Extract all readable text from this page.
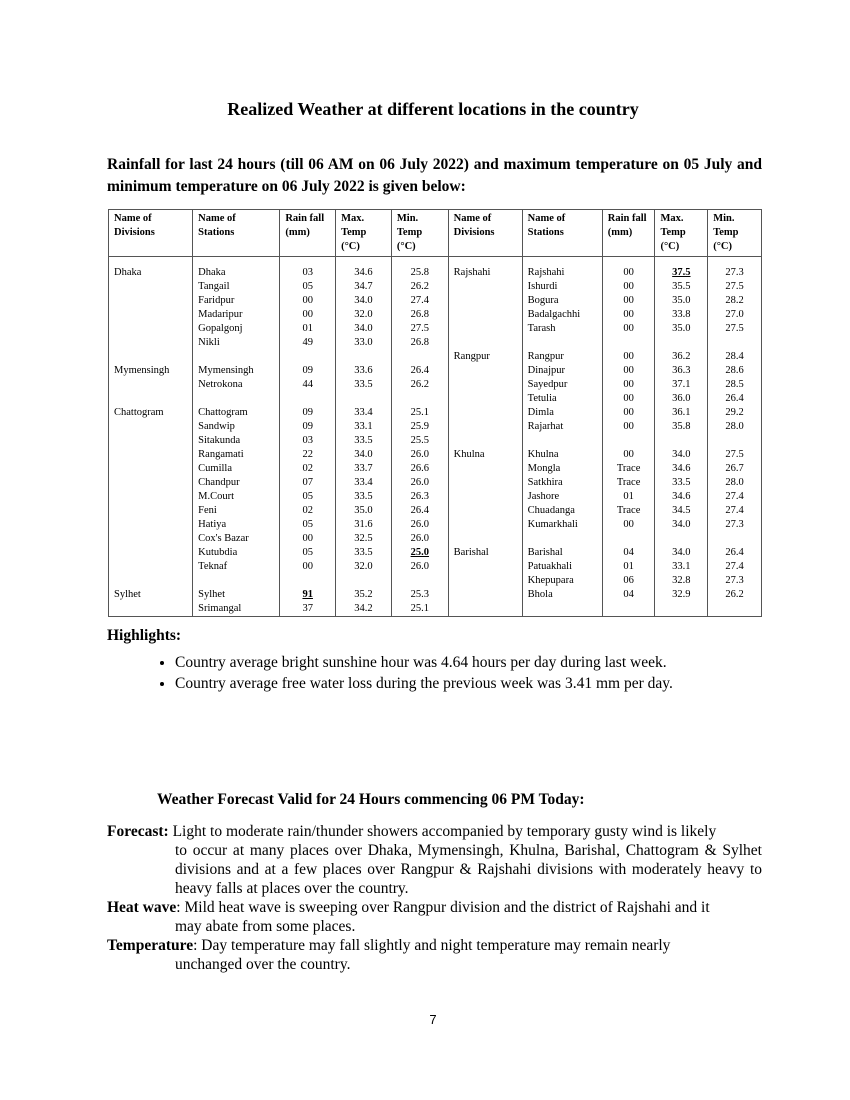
Realized Weather at different locations in the country
Rainfall for last 24 hours (till 06 AM on 06 July 2022) and maximum temperature on 05 July and minimum temperature on 06 July 2022 is given below:
Name of Divisions	Name of Stations	Rain fall (mm)	Max. Temp (°C)	Min. Temp (°C)	Name of Divisions	Name of Stations	Rain fall (mm)	Max. Temp (°C)	Min. Temp (°C)
Dhaka	Dhaka	03	34.6	25.8	Rajshahi	Rajshahi	00	37.5	27.3
	Tangail	05	34.7	26.2		Ishurdi	00	35.5	27.5
	Faridpur	00	34.0	27.4		Bogura	00	35.0	28.2
	Madaripur	00	32.0	26.8		Badalgachhi	00	33.8	27.0
	Gopalgonj	01	34.0	27.5		Tarash	00	35.0	27.5
	Nikli	49	33.0	26.8					
					Rangpur	Rangpur	00	36.2	28.4
Mymensingh	Mymensingh	09	33.6	26.4		Dinajpur	00	36.3	28.6
	Netrokona	44	33.5	26.2		Sayedpur	00	37.1	28.5
						Tetulia	00	36.0	26.4
Chattogram	Chattogram	09	33.4	25.1		Dimla	00	36.1	29.2
	Sandwip	09	33.1	25.9		Rajarhat	00	35.8	28.0
	Sitakunda	03	33.5	25.5					
	Rangamati	22	34.0	26.0	Khulna	Khulna	00	34.0	27.5
	Cumilla	02	33.7	26.6		Mongla	Trace	34.6	26.7
	Chandpur	07	33.4	26.0		Satkhira	Trace	33.5	28.0
	M.Court	05	33.5	26.3		Jashore	01	34.6	27.4
	Feni	02	35.0	26.4		Chuadanga	Trace	34.5	27.4
	Hatiya	05	31.6	26.0		Kumarkhali	00	34.0	27.3
	Cox's Bazar	00	32.5	26.0					
	Kutubdia	05	33.5	25.0	Barishal	Barishal	04	34.0	26.4
	Teknaf	00	32.0	26.0		Patuakhali	01	33.1	27.4
						Khepupara	06	32.8	27.3
Sylhet	Sylhet	91	35.2	25.3		Bhola	04	32.9	26.2
	Srimangal	37	34.2	25.1					
Highlights:
• Country average bright sunshine hour was 4.64 hours per day during last week.
• Country average free water loss during the previous week was 3.41 mm per day.
Weather Forecast Valid for 24 Hours commencing 06 PM Today:
Forecast: Light to moderate rain/thunder showers accompanied by temporary gusty wind is likely
to occur at many places over Dhaka, Mymensingh, Khulna, Barishal, Chattogram & Sylhet divisions and at a few places over Rangpur & Rajshahi divisions with moderately heavy to heavy falls at places over the country.
Heat wave: Mild heat wave is sweeping over Rangpur division and the district of Rajshahi and it
may abate from some places.
Temperature: Day temperature may fall slightly and night temperature may remain nearly
unchanged over the country.
7
